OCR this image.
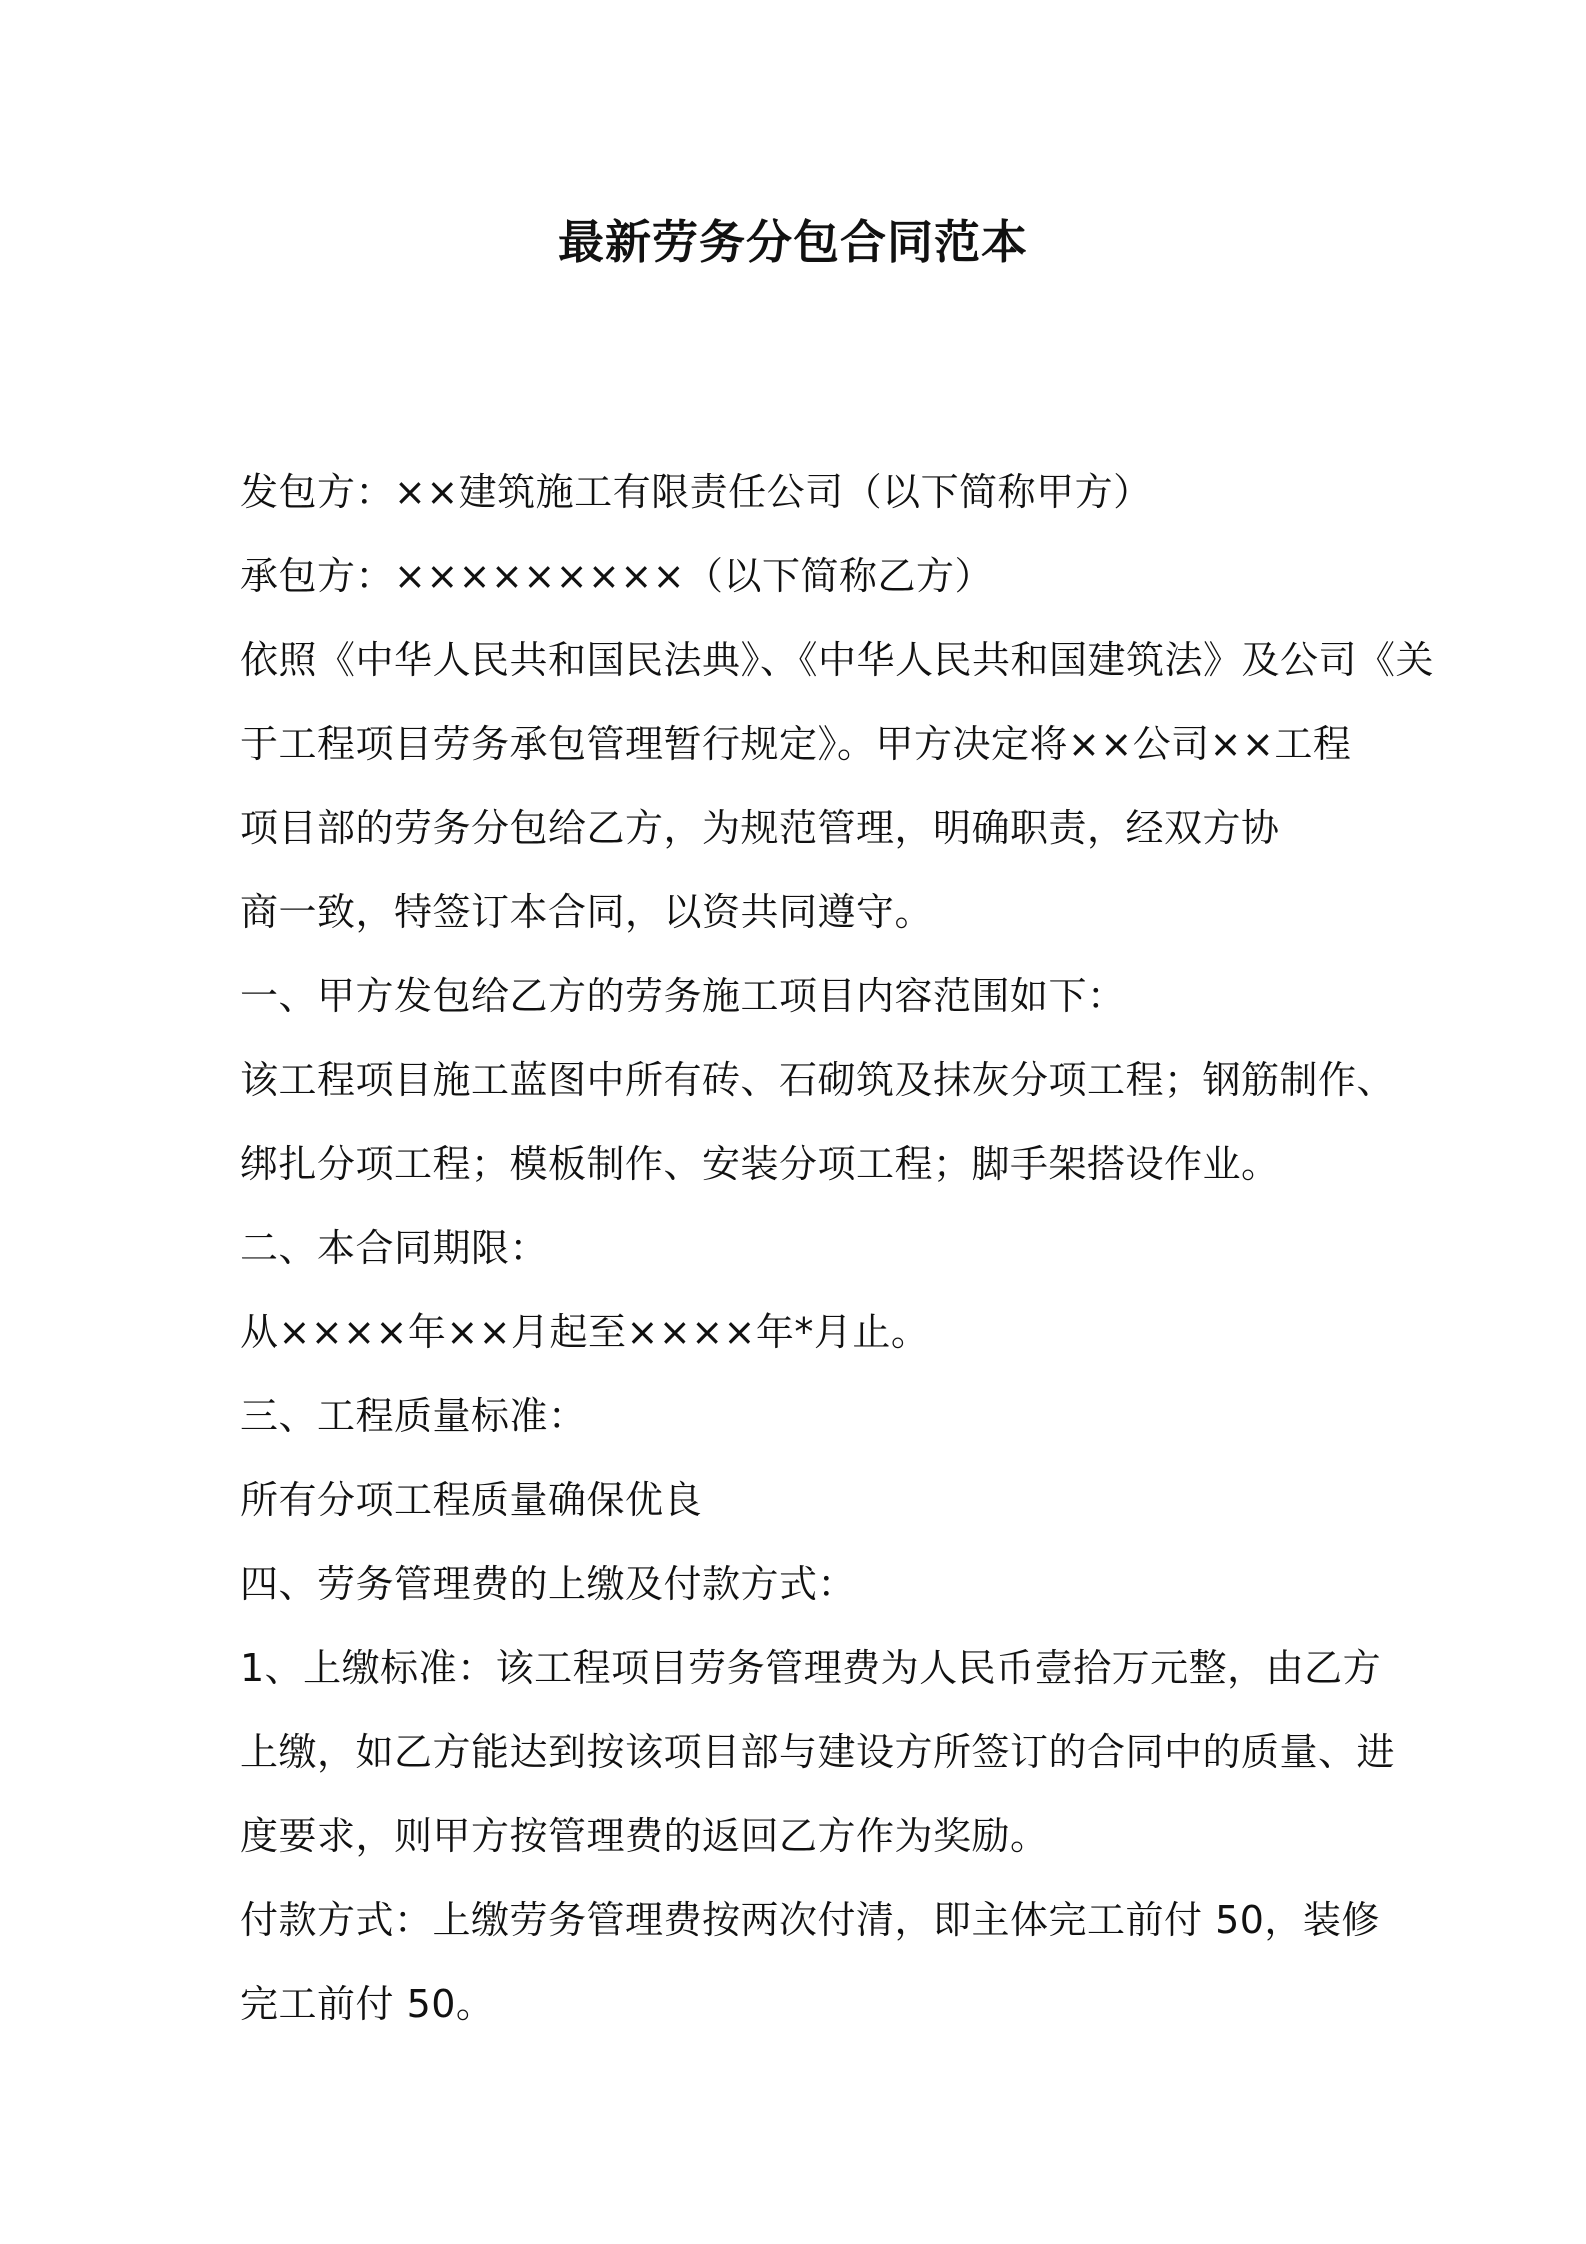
最新劳务分包合同范本
发包方：××建筑施工有限责任公司（以下简称甲方）
承包方：×××××××××（以下简称乙方）
依照《中华人民共和国民法典》、《中华人民共和国建筑法》及公司《关
于工程项目劳务承包管理暂行规定》。甲方决定将××公司××工程
项目部的劳务分包给乙方，为规范管理，明确职责，经双方协
商一致，特签订本合同，以资共同遵守。
一、甲方发包给乙方的劳务施工项目内容范围如下：
该工程项目施工蓝图中所有砖、石砌筑及抹灰分项工程；钢筋制作、
绑扎分项工程；模板制作、安装分项工程；脚手架搭设作业。
二、本合同期限：
从××××年××月起至××××年*月止。
三、工程质量标准：
所有分项工程质量确保优良
四、劳务管理费的上缴及付款方式：
1、上缴标准：该工程项目劳务管理费为人民币壹拾万元整，由乙方
上缴，如乙方能达到按该项目部与建设方所签订的合同中的质量、进
度要求，则甲方按管理费的返回乙方作为奖励。
付款方式：上缴劳务管理费按两次付清，即主体完工前付 50，装修
完工前付 50。
